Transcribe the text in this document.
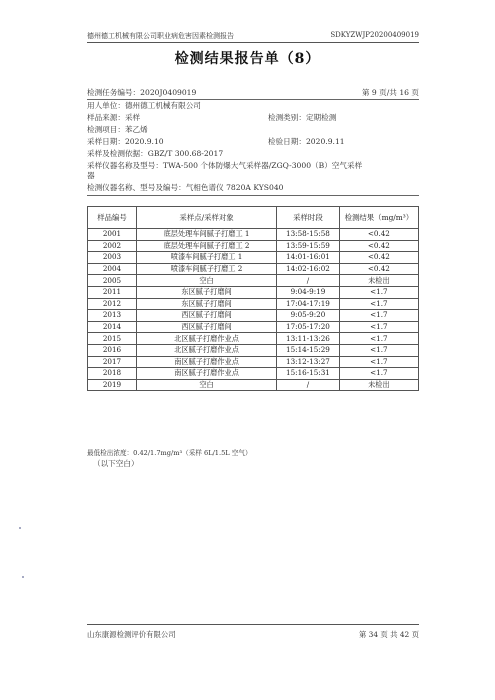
德州德工机械有限公司职业病危害因素检测报告	SDKYZWJP20200409019
检测结果报告单（8）
检测任务编号：2020J0409019	第 9 页/共 16 页
用人单位：德州德工机械有限公司
样品来源：采样	检测类别：定期检测
检测项目：苯乙烯
采样日期：2020.9.10	检验日期：2020.9.11
采样及检测依据：GBZ/T 300.68-2017
采样仪器名称及型号：TWA-500 个体防爆大气采样器/ZGQ-3000（B）空气采样
器
检测仪器名称、型号及编号：气相色谱仪 7820A KYS040
样品编号	采样点/采样对象	采样时段	检测结果（mg/m³）
2001	底层处理车间腻子打磨工 1	13:58-15:58	<0.42
2002	底层处理车间腻子打磨工 2	13:59-15:59	<0.42
2003	喷漆车间腻子打磨工 1	14:01-16:01	<0.42
2004	喷漆车间腻子打磨工 2	14:02-16:02	<0.42
2005	空白	/	未检出
2011	东区腻子打磨间	9:04-9:19	<1.7
2012	东区腻子打磨间	17:04-17:19	<1.7
2013	西区腻子打磨间	9:05-9:20	<1.7
2014	西区腻子打磨间	17:05-17:20	<1.7
2015	北区腻子打磨作业点	13:11-13:26	<1.7
2016	北区腻子打磨作业点	15:14-15:29	<1.7
2017	南区腻子打磨作业点	13:12-13:27	<1.7
2018	南区腻子打磨作业点	15:16-15:31	<1.7
2019	空白	/	未检出
最低检出浓度：0.42/1.7mg/m³（采样 6L/1.5L 空气）
（以下空白）
山东康源检测评价有限公司	第 34 页 共 42 页
